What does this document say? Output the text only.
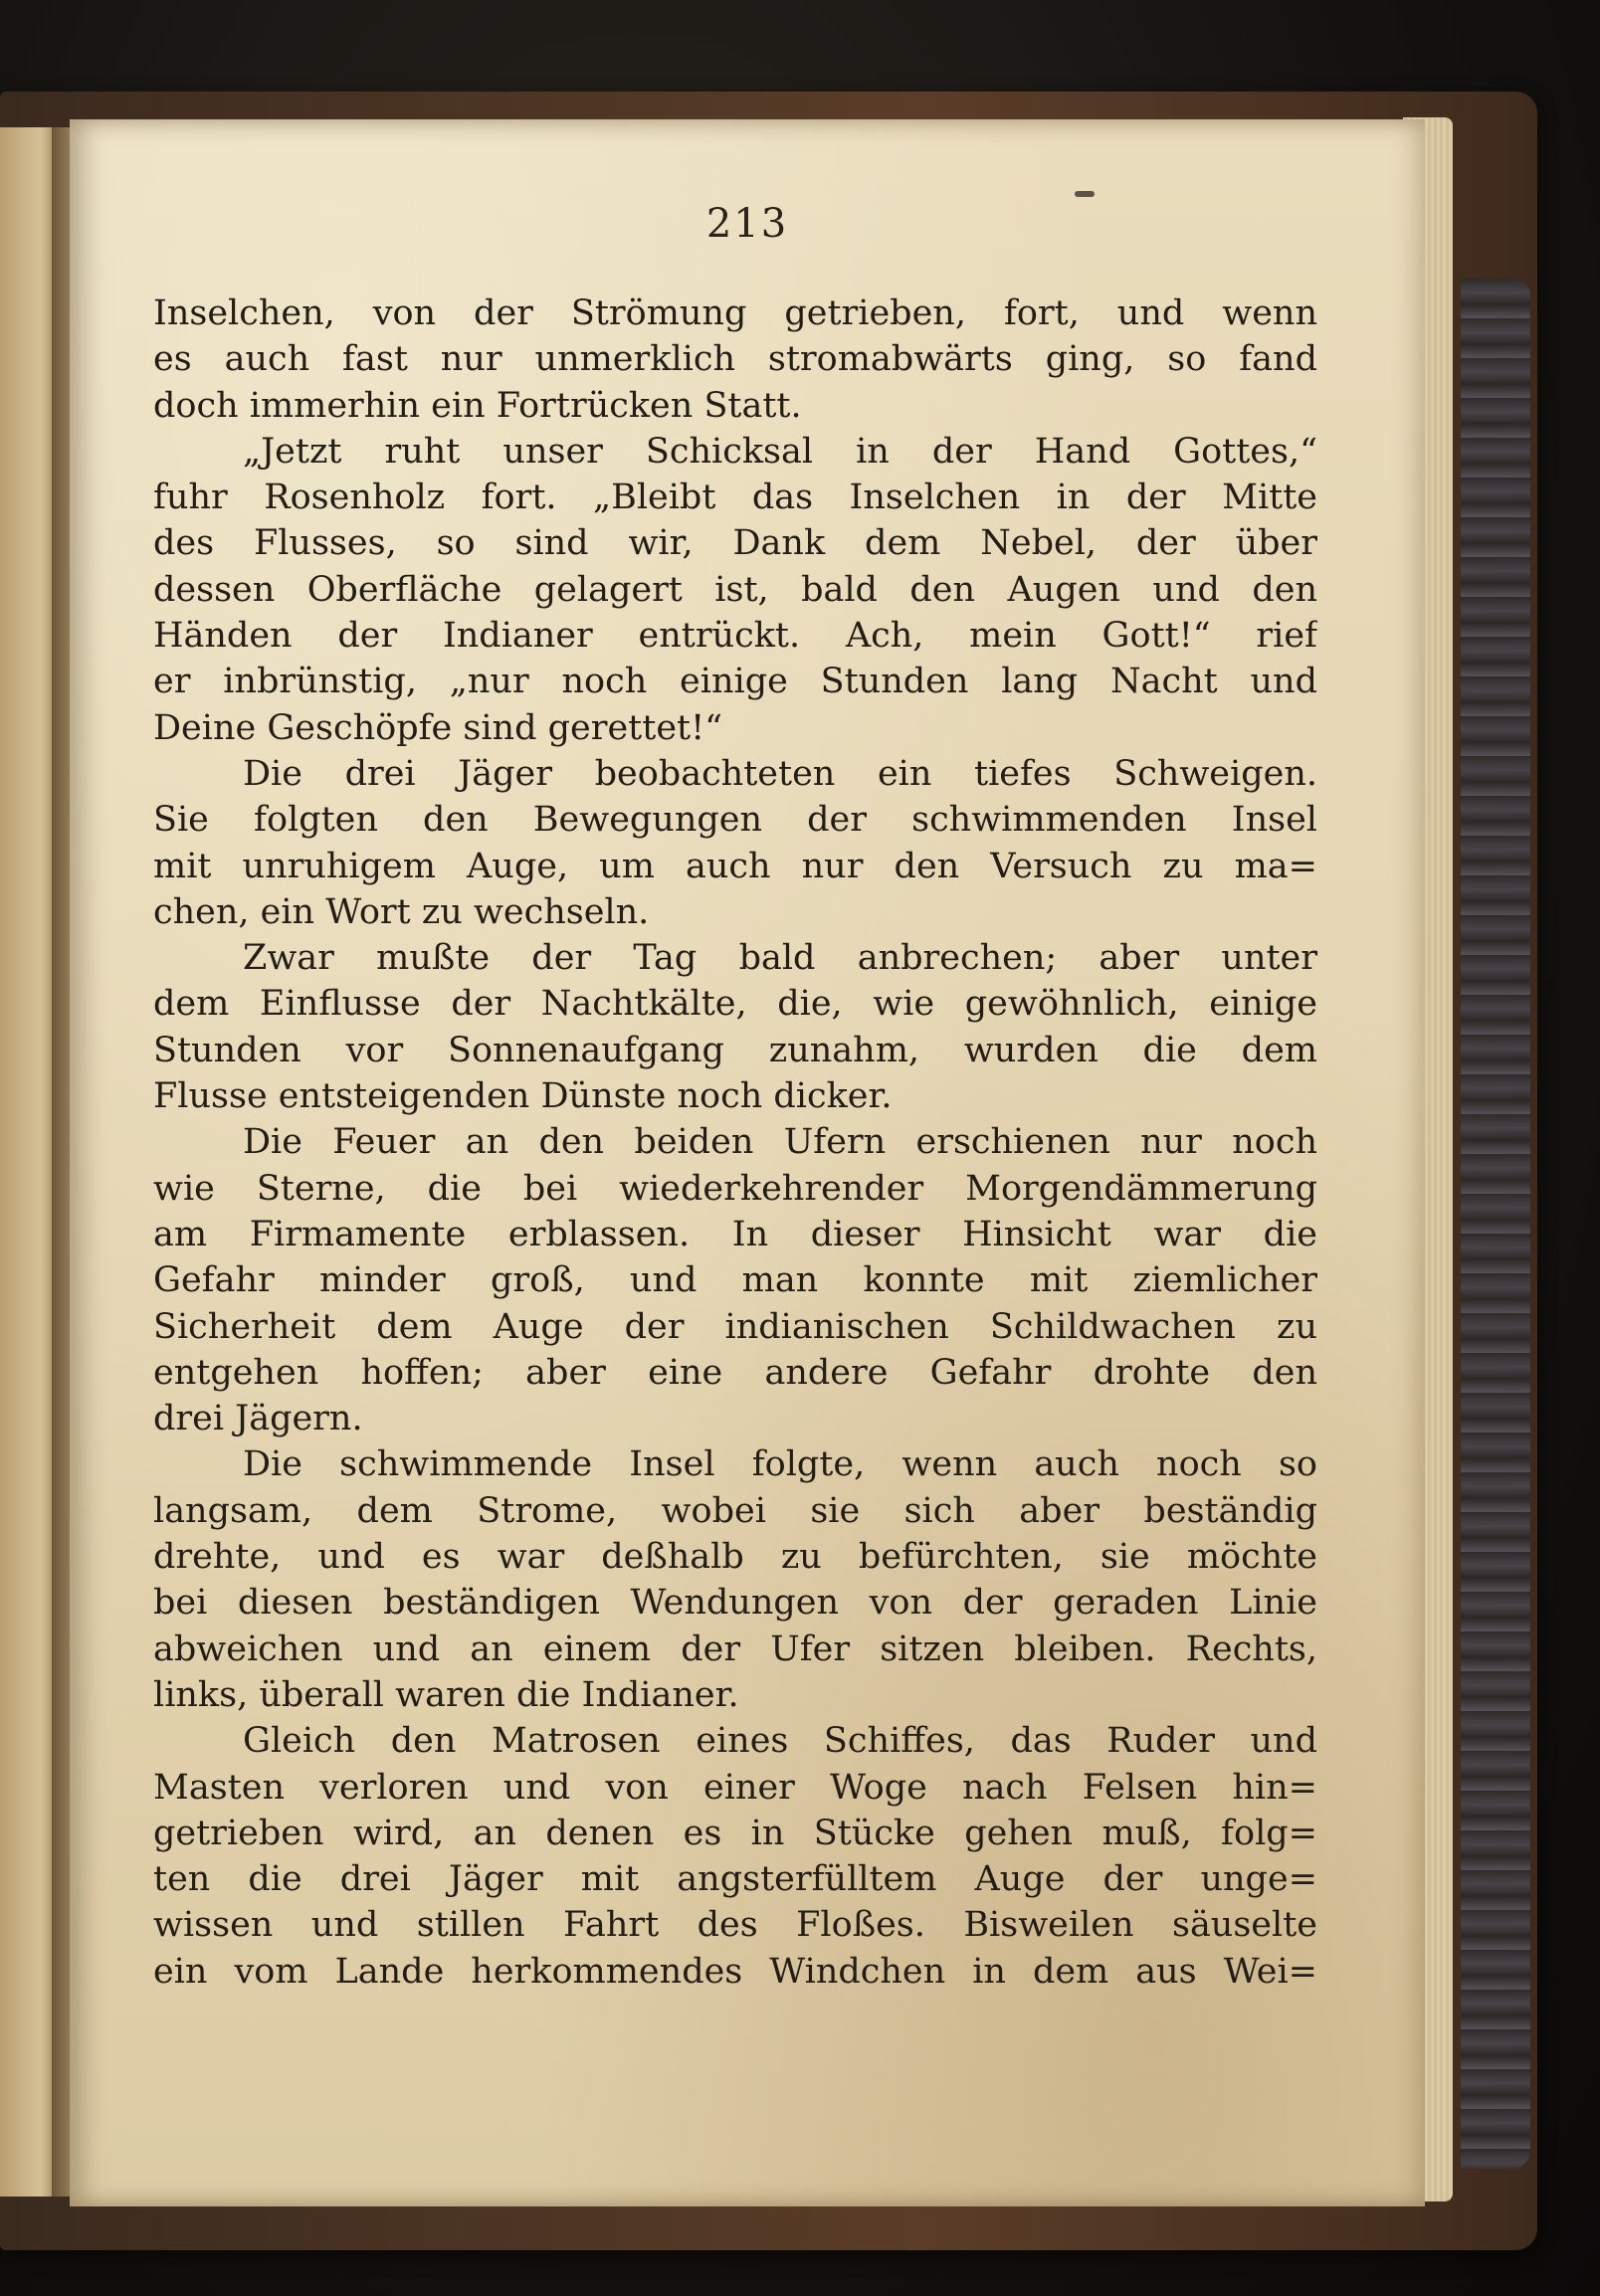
213
Inselchen, von der Strömung getrieben, fort, und wenn
es auch fast nur unmerklich stromabwärts ging, so fand
doch immerhin ein Fortrücken Statt.
„Jetzt ruht unser Schicksal in der Hand Gottes,“
fuhr Rosenholz fort. „Bleibt das Inselchen in der Mitte
des Flusses, so sind wir, Dank dem Nebel, der über
dessen Oberfläche gelagert ist, bald den Augen und den
Händen der Indianer entrückt. Ach, mein Gott!“ rief
er inbrünstig, „nur noch einige Stunden lang Nacht und
Deine Geschöpfe sind gerettet!“
Die drei Jäger beobachteten ein tiefes Schweigen.
Sie folgten den Bewegungen der schwimmenden Insel
mit unruhigem Auge, um auch nur den Versuch zu ma=
chen, ein Wort zu wechseln.
Zwar mußte der Tag bald anbrechen; aber unter
dem Einflusse der Nachtkälte, die, wie gewöhnlich, einige
Stunden vor Sonnenaufgang zunahm, wurden die dem
Flusse entsteigenden Dünste noch dicker.
Die Feuer an den beiden Ufern erschienen nur noch
wie Sterne, die bei wiederkehrender Morgendämmerung
am Firmamente erblassen. In dieser Hinsicht war die
Gefahr minder groß, und man konnte mit ziemlicher
Sicherheit dem Auge der indianischen Schildwachen zu
entgehen hoffen; aber eine andere Gefahr drohte den
drei Jägern.
Die schwimmende Insel folgte, wenn auch noch so
langsam, dem Strome, wobei sie sich aber beständig
drehte, und es war deßhalb zu befürchten, sie möchte
bei diesen beständigen Wendungen von der geraden Linie
abweichen und an einem der Ufer sitzen bleiben. Rechts,
links, überall waren die Indianer.
Gleich den Matrosen eines Schiffes, das Ruder und
Masten verloren und von einer Woge nach Felsen hin=
getrieben wird, an denen es in Stücke gehen muß, folg=
ten die drei Jäger mit angsterfülltem Auge der unge=
wissen und stillen Fahrt des Floßes. Bisweilen säuselte
ein vom Lande herkommendes Windchen in dem aus Wei=
